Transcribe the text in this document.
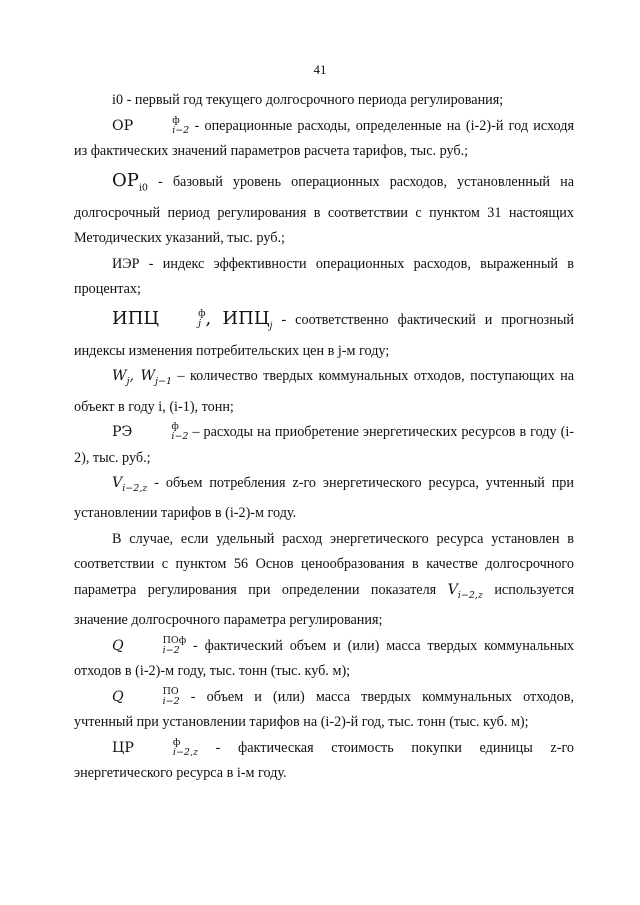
41

i0 - первый год текущего долгосрочного периода регулирования;

ОР	ф
i−2 - операционные расходы, определенные на (i-2)-й год исходя из фактических значений параметров расчета тарифов, тыс. руб.;

$ОР_{i0}$ - базовый уровень операционных расходов, установленный на долгосрочный период регулирования в соответствии с пунктом 31 настоящих Методических указаний, тыс. руб.;

ИЭР - индекс эффективности операционных расходов, выраженный в процентах;

ИПЦ	ф
j , $ИПЦ_j$ - соответственно фактический и прогнозный индексы изменения потребительских цен в j-м году;

$W_j$, $W_{j-1}$ – количество твердых коммунальных отходов, поступающих на объект в году i, (i-1), тонн;

РЭ	ф
i−2 – расходы на приобретение энергетических ресурсов в году (i-2), тыс. руб.;

$V_{i-2,z}$ - объем потребления z-го энергетического ресурса, учтенный при установлении тарифов в (i-2)-м году.

В случае, если удельный расход энергетического ресурса установлен в соответствии с пунктом 56 Основ ценообразования в качестве долгосрочного параметра регулирования при определении показателя $V_{i-2,z}$ используется значение долгосрочного параметра регулирования;

Q	ПОф
i−2 - фактический объем и (или) масса твердых коммунальных отходов в (i-2)-м году, тыс. тонн (тыс. куб. м);

Q	ПО
i−2 - объем и (или) масса твердых коммунальных отходов, учтенный при установлении тарифов на (i-2)-й год, тыс. тонн (тыс. куб. м);

ЦР	ф
i−2,z - фактическая стоимость покупки единицы z-го энергетического ресурса в i-м году.
